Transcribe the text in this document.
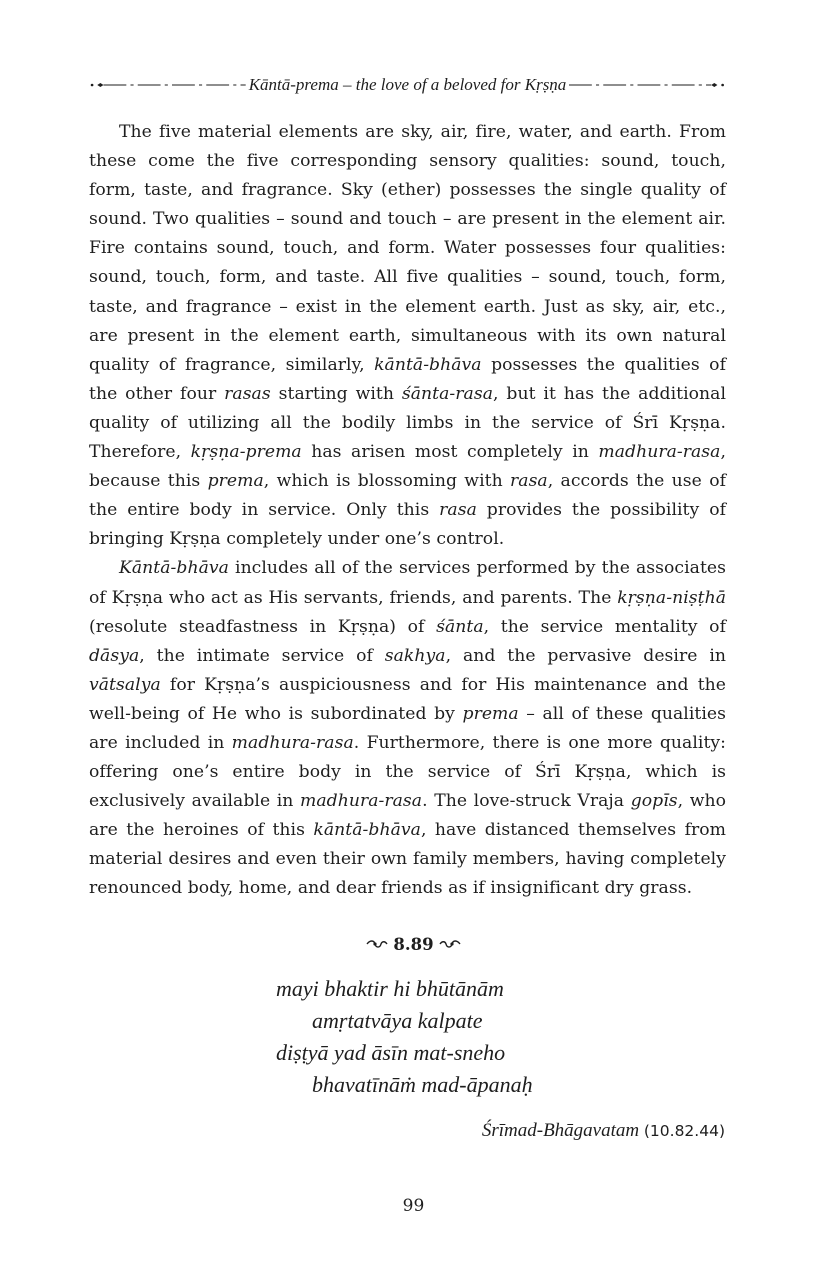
Kāntā-prema – the love of a beloved for Kṛṣṇa

The five material elements are sky, air, fire, water, and earth. From these come the five corresponding sensory qualities: sound, touch, form, taste, and fragrance. Sky (ether) possesses the single quality of sound. Two qualities – sound and touch – are present in the element air. Fire contains sound, touch, and form. Water possesses four qualities: sound, touch, form, and taste. All five qualities – sound, touch, form, taste, and fragrance – exist in the element earth. Just as sky, air, etc., are present in the element earth, simultaneous with its own natural quality of fragrance, similarly, kāntā-bhāva possesses the qualities of the other four rasas starting with śānta-rasa, but it has the additional quality of utilizing all the bodily limbs in the service of Śrī Kṛṣṇa. Therefore, kṛṣṇa-prema has arisen most completely in madhura-rasa, because this prema, which is blossoming with rasa, accords the use of the entire body in service. Only this rasa provides the possibility of bringing Kṛṣṇa completely under one’s control.

Kāntā-bhāva includes all of the services performed by the associates of Kṛṣṇa who act as His servants, friends, and parents. The kṛṣṇa-niṣṭhā (resolute steadfastness in Kṛṣṇa) of śānta, the service mentality of dāsya, the intimate service of sakhya, and the pervasive desire in vātsalya for Kṛṣṇa’s auspiciousness and for His maintenance and the well-being of He who is subordinated by prema – all of these qualities are included in madhura-rasa. Furthermore, there is one more quality: offering one’s entire body in the service of Śrī Kṛṣṇa, which is exclusively available in madhura-rasa. The love-struck Vraja gopīs, who are the heroines of this kāntā-bhāva, have distanced themselves from material desires and even their own family members, having completely renounced body, home, and dear friends as if insignificant dry grass.

8.89
mayi bhaktir hi bhūtānām
amṛtatvāya kalpate
diṣṭyā yad āsīn mat-sneho
bhavatīnāṁ mad-āpanaḥ
Śrīmad-Bhāgavatam (10.82.44)
99
